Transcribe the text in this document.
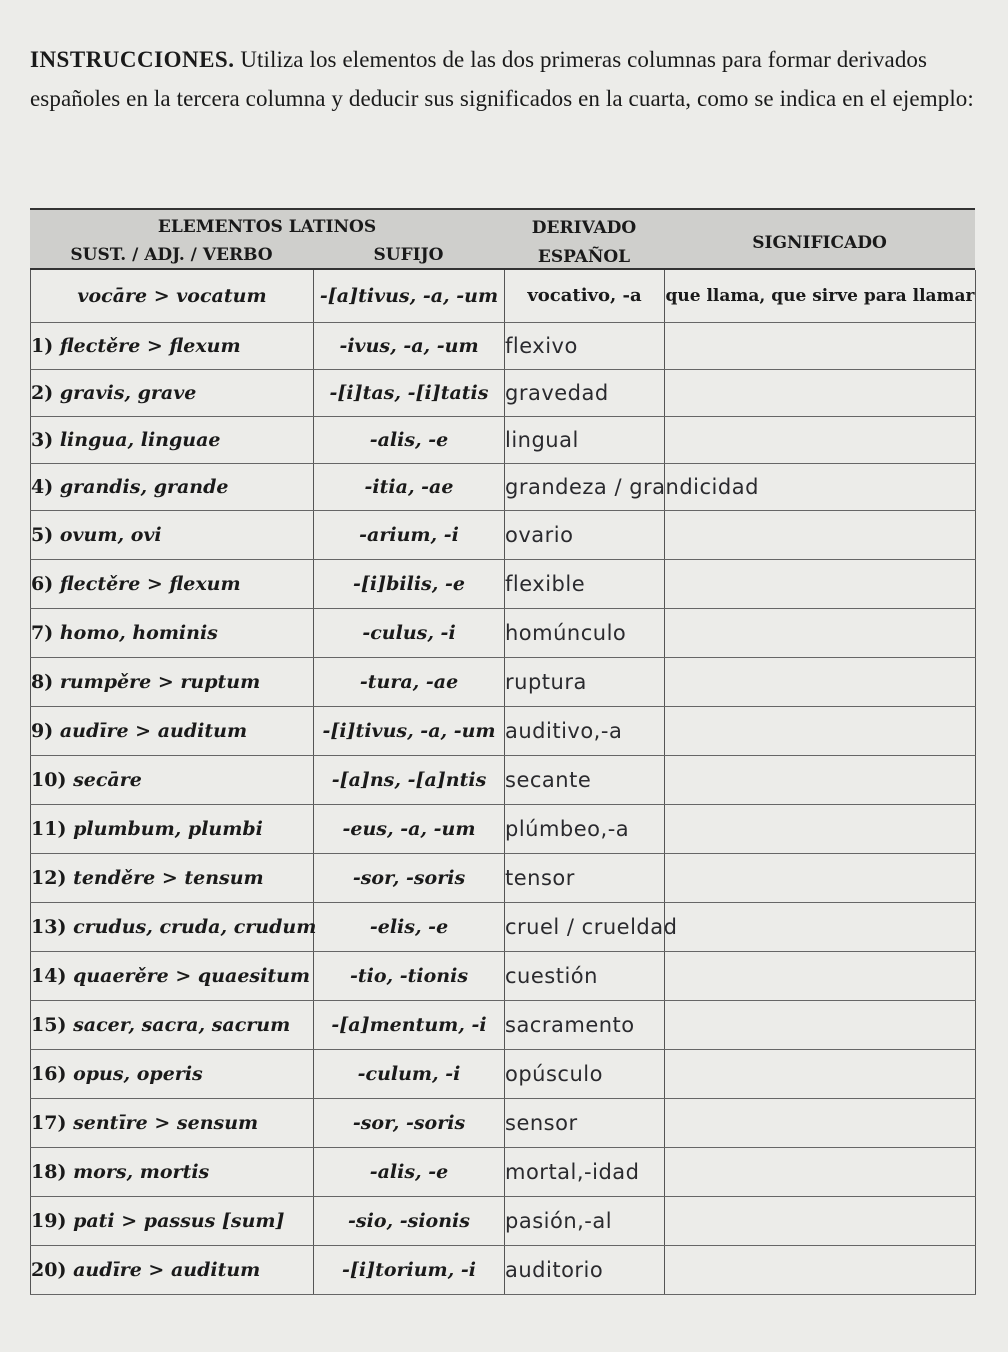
INSTRUCCIONES. Utiliza los elementos de las dos primeras columnas para formar derivados españoles en la tercera columna y deducir sus significados en la cuarta, como se indica en el ejemplo:
ELEMENTOS LATINOS	DERIVADO
SUST. / ADJ. / VERBO	SUFIJO	ESPAÑOL
SIGNIFICADO
vocāre > vocatum	-[a]tivus, -a, -um	vocativo, -a	que llama, que sirve para llamar
1) flectěre > flexum	-ivus, -a, -um	flexivo	
2) gravis, grave	-[i]tas, -[i]tatis	gravedad	
3) lingua, linguae	-alis, -e	lingual	
4) grandis, grande	-itia, -ae	grandeza / grandicidad	
5) ovum, ovi	-arium, -i	ovario	
6) flectěre > flexum	-[i]bilis, -e	flexible	
7) homo, hominis	-culus, -i	homúnculo	
8) rumpěre > ruptum	-tura, -ae	ruptura	
9) audīre > auditum	-[i]tivus, -a, -um	auditivo,-a	
10) secāre	-[a]ns, -[a]ntis	secante	
11) plumbum, plumbi	-eus, -a, -um	plúmbeo,-a	
12) tenděre > tensum	-sor, -soris	tensor	
13) crudus, cruda, crudum	-elis, -e	cruel / crueldad	
14) quaerěre > quaesitum	-tio, -tionis	cuestión	
15) sacer, sacra, sacrum	-[a]mentum, -i	sacramento	
16) opus, operis	-culum, -i	opúsculo	
17) sentīre > sensum	-sor, -soris	sensor	
18) mors, mortis	-alis, -e	mortal,-idad	
19) pati > passus [sum]	-sio, -sionis	pasión,-al	
20) audīre > auditum	-[i]torium, -i	auditorio	
